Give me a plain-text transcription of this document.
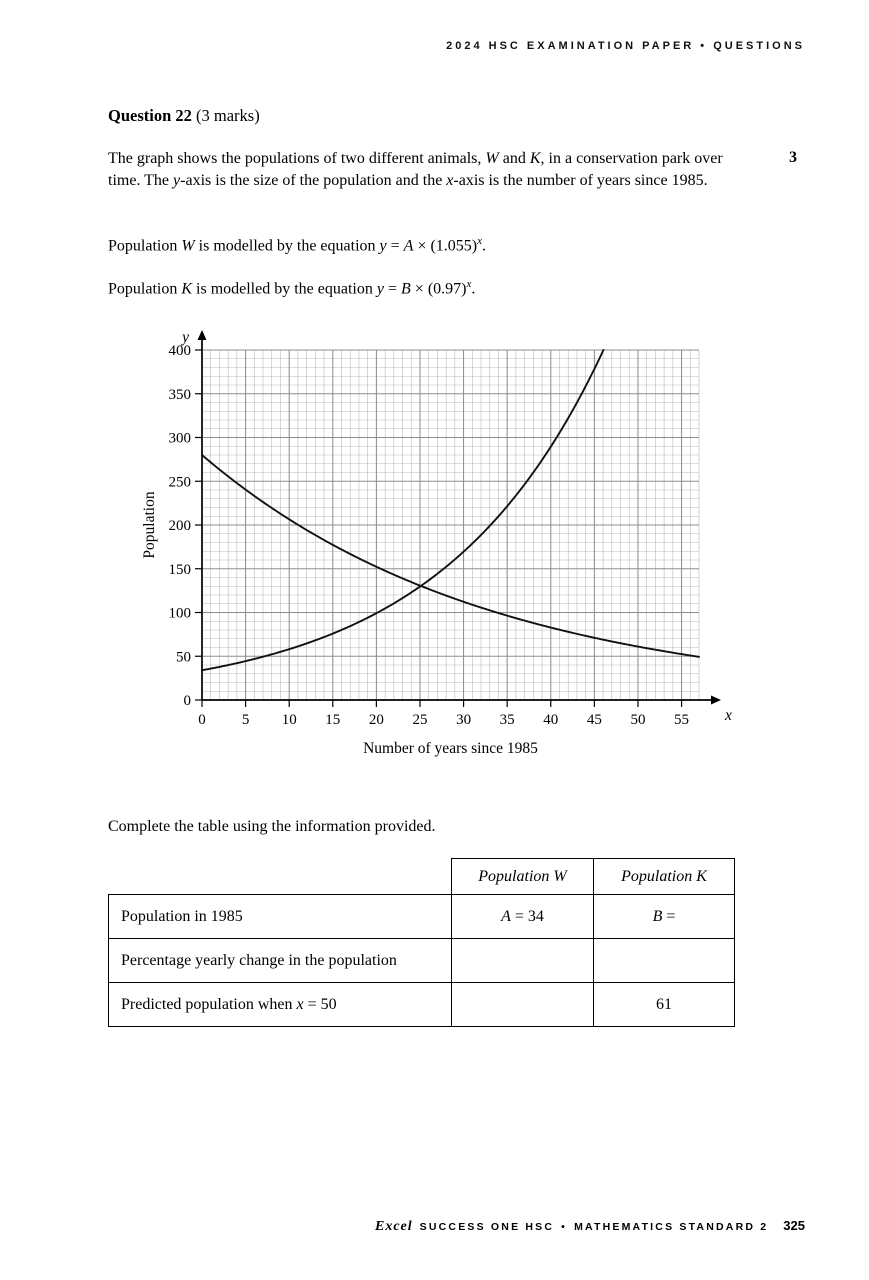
2024 HSC EXAMINATION PAPER • QUESTIONS
Question 22 (3 marks)
3

The graph shows the populations of two different animals, W and K, in a conservation park over time. The y-axis is the size of the population and the x-axis is the number of years since 1985.

Population W is modelled by the equation $y = A \times (1.055)^x$.

Population K is modelled by the equation $y = B \times (0.97)^x$.

0 5 10 15 20 25 30 35 40 45 50 55
0
50
100
150
200
250
300
350
400
y
x
Population
Number of years since 1985

Complete the table using the information provided.

	Population W	Population K
Population in 1985	A = 34	B =
Percentage yearly change in the population		
Predicted population when x = 50		61
Excel SUCCESS ONE HSC • MATHEMATICS STANDARD 2 325
